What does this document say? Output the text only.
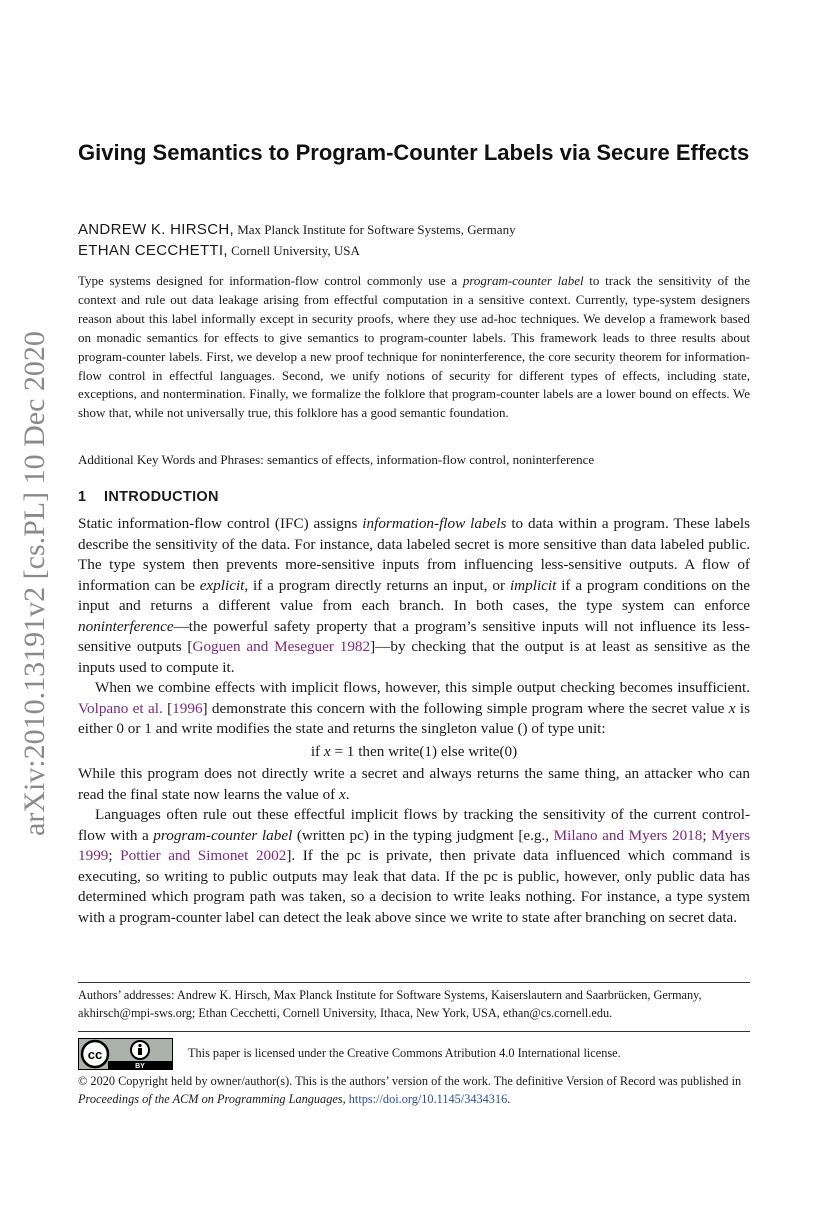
arXiv:2010.13191v2 [cs.PL] 10 Dec 2020
Giving Semantics to Program-Counter Labels via Secure Effects
ANDREW K. HIRSCH, Max Planck Institute for Software Systems, Germany
ETHAN CECCHETTI, Cornell University, USA

Type systems designed for information-flow control commonly use a program-counter label to track the sensitivity of the context and rule out data leakage arising from effectful computation in a sensitive context. Currently, type-system designers reason about this label informally except in security proofs, where they use ad-hoc techniques. We develop a framework based on monadic semantics for effects to give semantics to program-counter labels. This framework leads to three results about program-counter labels. First, we develop a new proof technique for noninterference, the core security theorem for information-flow control in effectful languages. Second, we unify notions of security for different types of effects, including state, exceptions, and nontermination. Finally, we formalize the folklore that program-counter labels are a lower bound on effects. We show that, while not universally true, this folklore has a good semantic foundation.

Additional Key Words and Phrases: semantics of effects, information-flow control, noninterference

1 INTRODUCTION

Static information-flow control (IFC) assigns information-flow labels to data within a program. These labels describe the sensitivity of the data. For instance, data labeled secret is more sensitive than data labeled public. The type system then prevents more-sensitive inputs from influencing less-sensitive outputs. A flow of information can be explicit, if a program directly returns an input, or implicit if a program conditions on the input and returns a different value from each branch. In both cases, the type system can enforce noninterference—the powerful safety property that a program’s sensitive inputs will not influence its less-sensitive outputs [Goguen and Meseguer 1982]—by checking that the output is at least as sensitive as the inputs used to compute it.

When we combine effects with implicit flows, however, this simple output checking becomes insufficient. Volpano et al. [1996] demonstrate this concern with the following simple program where the secret value x is either 0 or 1 and write modifies the state and returns the singleton value () of type unit:

if x = 1 then write(1) else write(0)

While this program does not directly write a secret and always returns the same thing, an attacker who can read the final state now learns the value of x.

Languages often rule out these effectful implicit flows by tracking the sensitivity of the current control-flow with a program-counter label (written pc) in the typing judgment [e.g., Milano and Myers 2018; Myers 1999; Pottier and Simonet 2002]. If the pc is private, then private data influenced which command is executing, so writing to public outputs may leak that data. If the pc is public, however, only public data has determined which program path was taken, so a decision to write leaks nothing. For instance, a type system with a program-counter label can detect the leak above since we write to state after branching on secret data.

Authors’ addresses: Andrew K. Hirsch, Max Planck Institute for Software Systems, Kaiserslautern and Saarbrücken, Germany, akhirsch@mpi-sws.org; Ethan Cecchetti, Cornell University, Ithaca, New York, USA, ethan@cs.cornell.edu.

cc
BY

This paper is licensed under the Creative Commons Atribution 4.0 International license.

© 2020 Copyright held by owner/author(s). This is the authors’ version of the work. The definitive Version of Record was published in Proceedings of the ACM on Programming Languages, https://doi.org/10.1145/3434316.
